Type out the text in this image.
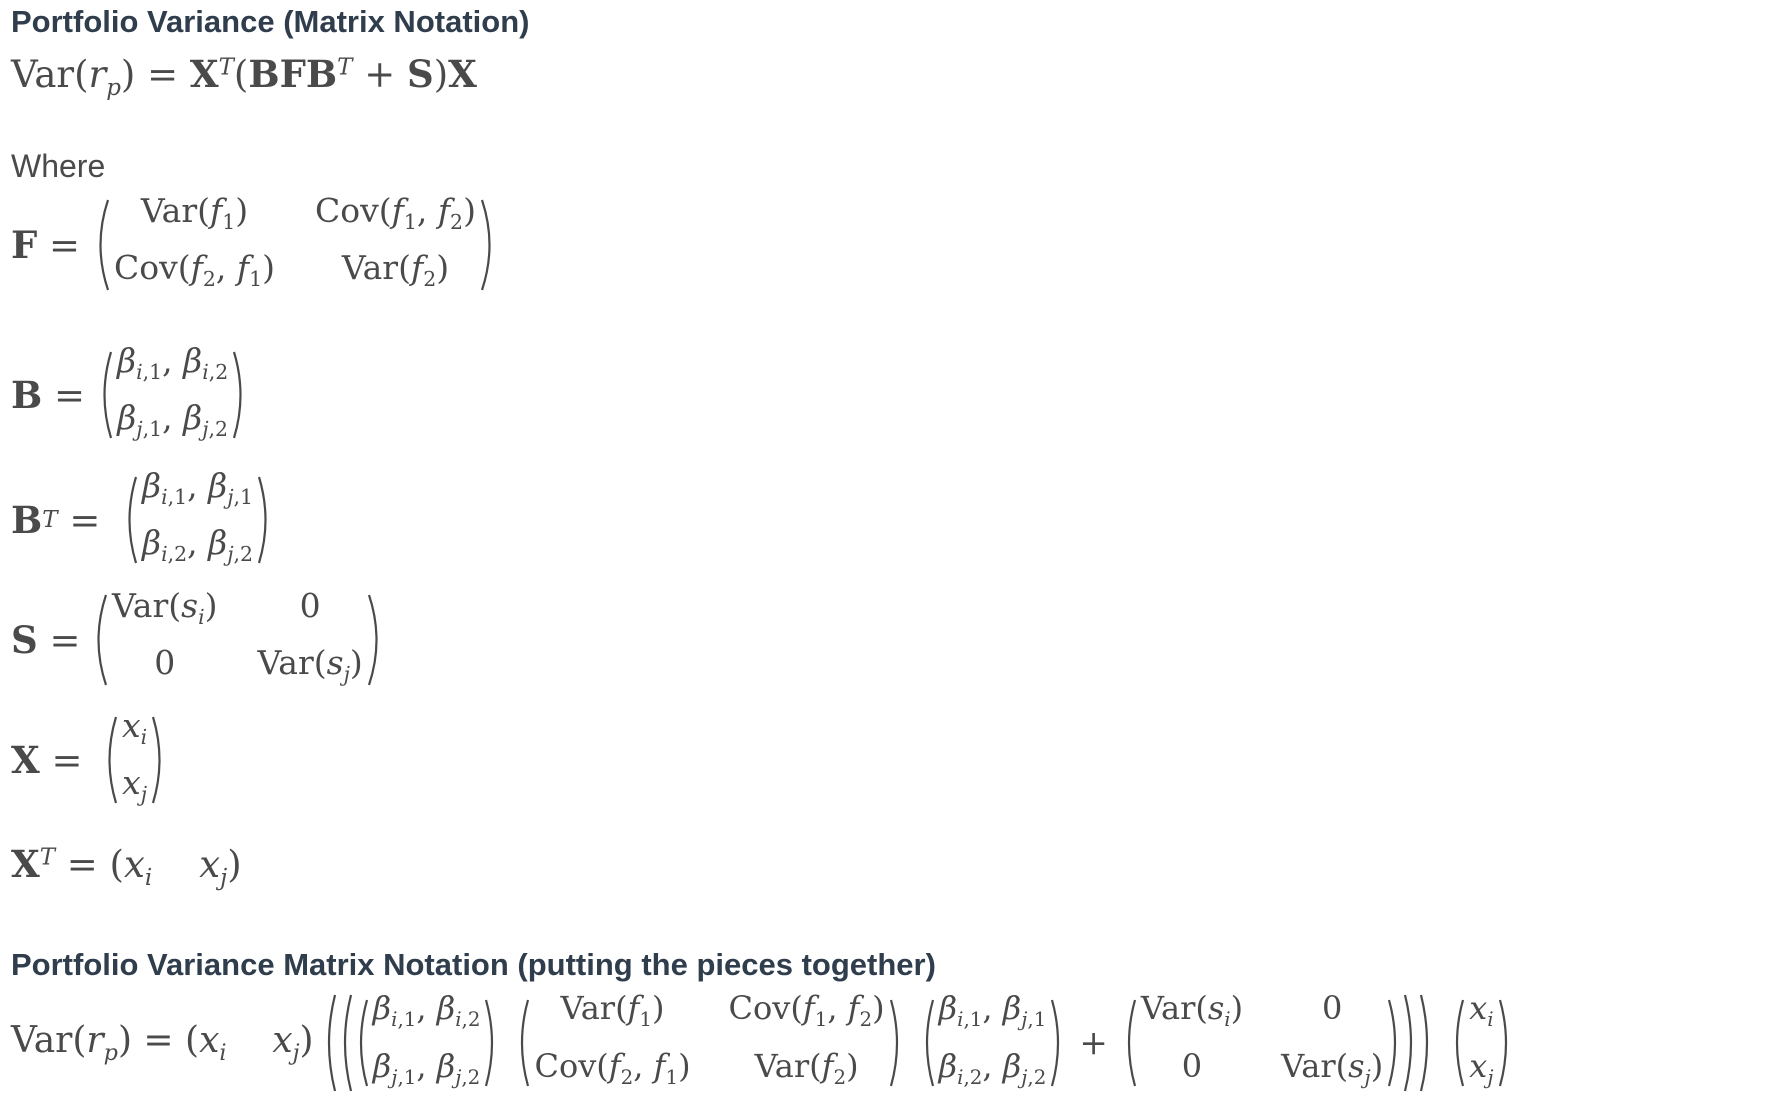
Portfolio Variance (Matrix Notation)
$Var(r_p) = X^T(BFB^T + S)X$
Where
F =
$Var(f_1)$	$Cov(f_1$, $f_2$)
$Cov(f_2$, $f_1$)	$Var(f_2)$
B =
$\beta_{i,1}$, $\beta_{i,2}$
$\beta_{j,1}$, $\beta_{j,2}$
B T =
$\beta_{i,1}$, $\beta_{j,1}$
$\beta_{i,2}$, $\beta_{j,2}$
S =
$Var(s_i)$	0
0	$Var(s_j)$
X =
$x_i$
$x_j$
$X^T = (x_i$ $x_j$)
Portfolio Variance Matrix Notation (putting the pieces together)
$Var(r_p) = (x_i$ $x_j$)
$\beta_{i,1}$, $\beta_{i,2}$
$\beta_{j,1}$, $\beta_{j,2}$
$Var(f_1)$	$Cov(f_1$, $f_2$)
$Cov(f_2$, $f_1$)	$Var(f_2)$
$\beta_{i,1}$, $\beta_{j,1}$
$\beta_{i,2}$, $\beta_{j,2}$
+
$Var(s_i)$	0
0	$Var(s_j)$
$x_i$
$x_j$
